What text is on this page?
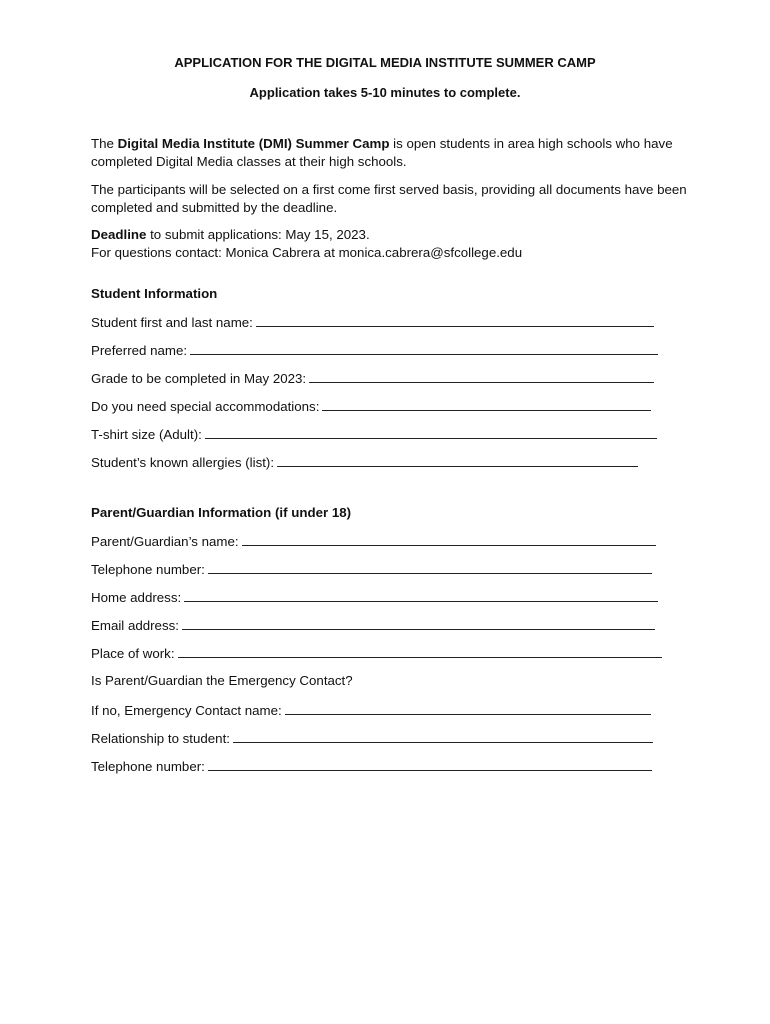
APPLICATION FOR THE DIGITAL MEDIA INSTITUTE SUMMER CAMP
Application takes 5-10 minutes to complete.
The Digital Media Institute (DMI) Summer Camp is open students in area high schools who have completed Digital Media classes at their high schools.
The participants will be selected on a first come first served basis, providing all documents have been completed and submitted by the deadline.
Deadline to submit applications: May 15, 2023.
For questions contact: Monica Cabrera at monica.cabrera@sfcollege.edu
Student Information
Student first and last name:
Preferred name:
Grade to be completed in May 2023:
Do you need special accommodations:
T-shirt size (Adult):
Student’s known allergies (list):
Parent/Guardian Information (if under 18)
Parent/Guardian’s name:
Telephone number:
Home address:
Email address:
Place of work:
Is Parent/Guardian the Emergency Contact?
If no, Emergency Contact name:
Relationship to student:
Telephone number:
